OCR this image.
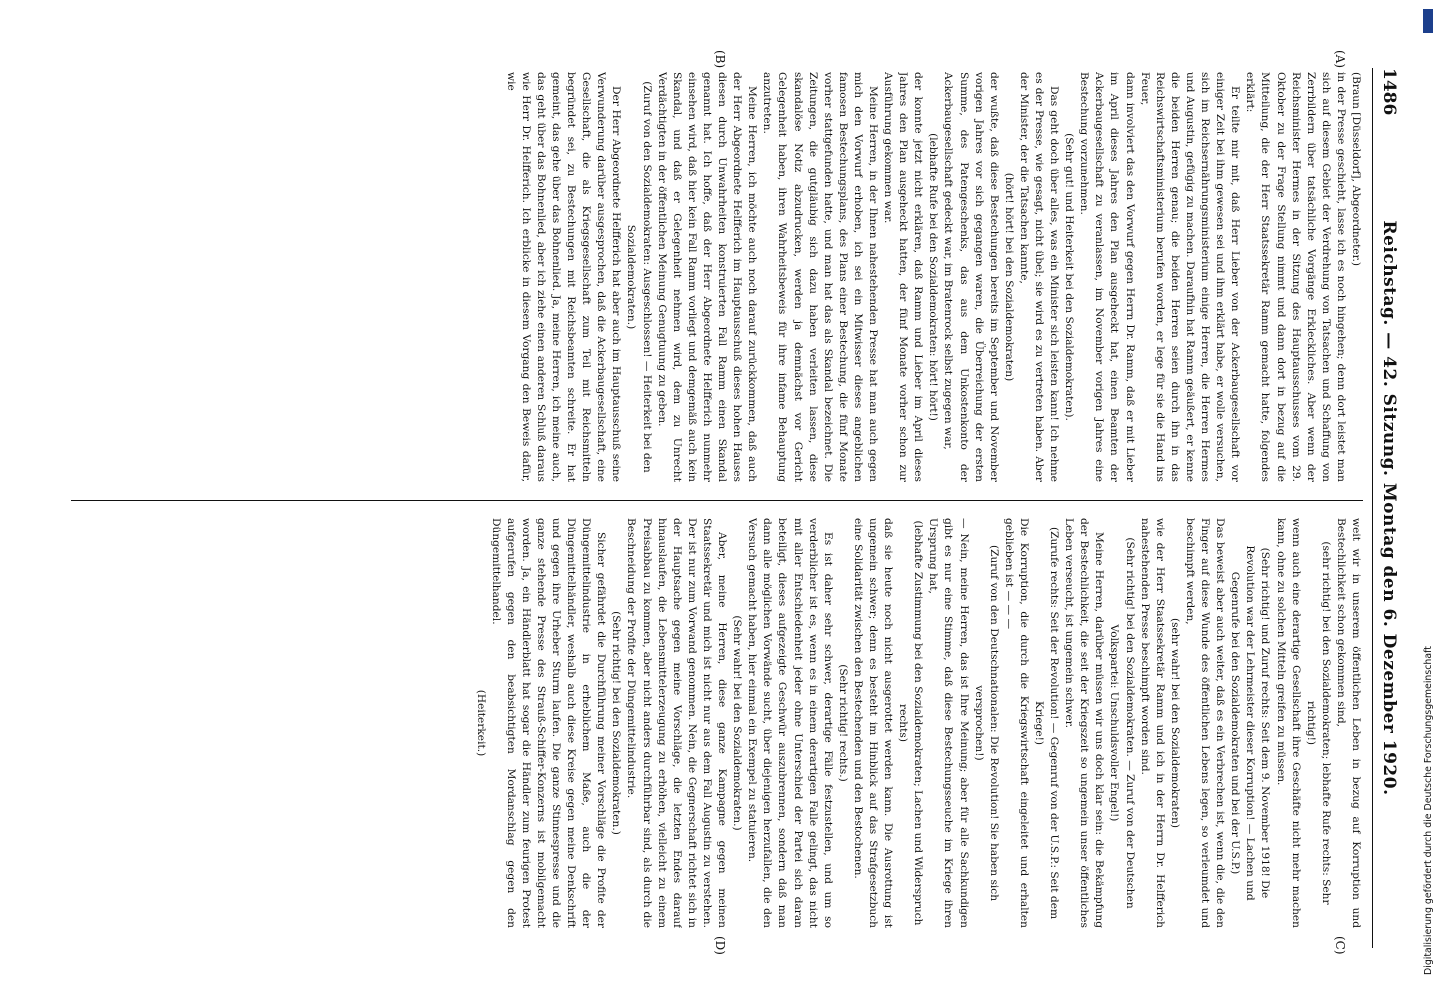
1486
Reichstag. — 42. Sitzung. Montag den 6. Dezember 1920.
(A)
(B)
(C)
(D)

(Braun [Düsseldorf], Abgeordneter.)

in der Presse geschieht, lasse ich es noch hingehen; denn dort leistet man sich auf diesem Gebiet der Verdrehung von Tatsachen und Schaffung von Zerrbildern über tatsächliche Vorgänge Erkleckliches. Aber wenn der Reichsminister Hermes in der Sitzung des Hauptausschusses vom 29. Oktober zu der Frage Stellung nimmt und dann dort in bezug auf die Mitteilung, die der Herr Staatssekretär Ramm gemacht hatte, folgendes erklärt:

Er teilte mir mit, daß Herr Lieber von der Ackerbaugesellschaft vor einiger Zeit bei ihm gewesen sei und ihm erklärt habe, er wolle versuchen, sich im Reichsernährungsministerium einige Herren, die Herren Hermes und Augustin, gefügig zu machen. Daraufhin hat Ramm geäußert, er kenne die beiden Herren genau; die beiden Herren seien durch ihn in das Reichswirtschaftsministerium berufen worden, er lege für sie die Hand ins Feuer,

dann involviert das den Vorwurf gegen Herrn Dr. Ramm, daß er mit Lieber im April dieses Jahres den Plan ausgeheckt hat, einen Beamten der Ackerbaugesellschaft zu veranlassen, im November vorigen Jahres eine Bestechung vorzunehmen.

(Sehr gut! und Heiterkeit bei den Sozialdemokraten).

Das geht doch über alles, was ein Minister sich leisten kann! Ich nehme es der Presse, wie gesagt, nicht übel; sie wird es zu vertreten haben. Aber der Minister, der die Tatsachen kannte,

(hört! hört! bei den Sozialdemokraten)

der wußte, daß diese Bestechungen bereits im September und November vorigen Jahres vor sich gegangen waren, die Überreichung der ersten Summe, des Patengeschenks, das aus dem Unkostenkonto der Ackerbaugesellschaft gedeckt war, im Bratenrock selbst zugegen war,

(lebhafte Rufe bei den Sozialdemokraten: hört! hört!)

der konnte jetzt nicht erklären, daß Ramm und Lieber im April dieses Jahres den Plan ausgeheckt hatten, der fünf Monate vorher schon zur Ausführung gekommen war.

Meine Herren, in der Ihnen nahestehenden Presse hat man auch gegen mich den Vorwurf erhoben, ich sei ein Mitwisser dieses angeblichen famosen Bestechungsplans, des Plans einer Bestechung, die fünf Monate vorher stattgefunden hatte, und man hat das als Skandal bezeichnet. Die Zeitungen, die gutgläubig sich dazu haben verleiten lassen, diese skandalöse Notiz abzudrucken, werden ja demnächst vor Gericht Gelegenheit haben, ihren Wahrheitsbeweis für ihre infame Behauptung anzutreten.

Meine Herren, ich möchte auch noch darauf zurückkommen, daß auch der Herr Abgeordnete Helfferich im Hauptausschuß dieses hohen Hauses diesen durch Unwahrheiten konstruierten Fall Ramm einen Skandal genannt hat. Ich hoffe, daß der Herr Abgeordnete Helfferich nunmehr einsehen wird, daß hier kein Fall Ramm vorliegt und demgemäß auch kein Skandal, und daß er Gelegenheit nehmen wird, dem zu Unrecht Verdächtigten in der öffentlichen Meinung Genugtuung zu geben.

(Zuruf von den Sozialdemokraten: Ausgeschlossen! — Heiterkeit bei den Sozialdemokraten.)

Der Herr Abgeordnete Helfferich hat aber auch im Hauptausschuß seine Verwunderung darüber ausgesprochen, daß die Ackerbaugesellschaft, eine Gesellschaft, die als Kriegsgesellschaft zum Teil mit Reichsmitteln begründet sei, zu Bestechungen mit Reichsbeamten schreite. Er hat gemeint, das gehe über das Bohnenlied. Ja, meine Herren, ich meine auch, das geht über das Bohnenlied, aber ich ziehe einen anderen Schluß daraus wie Herr Dr. Helfferich. Ich erblicke in diesem Vorgang den Beweis dafür, wie

weit wir in unserem öffentlichen Leben in bezug auf Korruption und Bestechlichkeit schon gekommen sind,

(sehr richtig! bei den Sozialdemokraten; lebhafte Rufe rechts: Sehr richtig!)

wenn auch eine derartige Gesellschaft ihre Geschäfte nicht mehr machen kann, ohne zu solchen Mitteln greifen zu müssen.

(Sehr richtig! und Zuruf rechts: Seit dem 9. November 1918! Die Revolution war der Lehrmeister dieser Korruption! — Lachen und Gegenrufe bei den Sozialdemokraten und bei der U.S.P.)

Das beweist aber auch weiter, daß es ein Verbrechen ist, wenn die, die den Finger auf diese Wunde des öffentlichen Lebens legen, so verleumdet und beschimpft werden,

(sehr wahr! bei den Sozialdemokraten)

wie der Herr Staatssekretär Ramm und ich in der Herrn Dr. Helfferich nahestehenden Presse beschimpft worden sind.

(Sehr richtig! bei den Sozialdemokraten. — Zuruf von der Deutschen Volkspartei: Unschuldsvoller Engel!)

Meine Herren, darüber müssen wir uns doch klar sein: die Bekämpfung der Bestechlichkeit, die seit der Kriegszeit so ungemein unser öffentliches Leben verseucht, ist ungemein schwer.

(Zurufe rechts: Seit der Revolution! — Gegenruf von der U.S.P.: Seit dem Kriege!)

Die Korruption, die durch die Kriegswirtschaft eingeleitet und erhalten geblieben ist — — —

(Zuruf von den Deutschnationalen: Die Revolution! Sie haben sich versprochen!)

— Nein, meine Herren, das ist Ihre Meinung; aber für alle Sachkundigen gibt es nur eine Stimme, daß diese Bestechungsseuche im Kriege ihren Ursprung hat,

(lebhafte Zustimmung bei den Sozialdemokraten; Lachen und Widerspruch rechts)

daß sie heute noch nicht ausgerottet werden kann. Die Ausrottung ist ungemein schwer; denn es besteht im Hinblick auf das Strafgesetzbuch eine Solidarität zwischen den Bestechenden und den Bestochenen.

(Sehr richtig! rechts.)

Es ist daher sehr schwer, derartige Fälle festzustellen, und um so verderblicher ist es, wenn es in einem derartigen Falle gelingt, das nicht mit aller Entschiedenheit jeder ohne Unterschied der Partei sich daran beteiligt, dieses aufgezeigte Geschwür auszubrennen, sondern daß man dann alle möglichen Vorwände sucht, über diejenigen herzufallen, die den Versuch gemacht haben, hier einmal ein Exempel zu statuieren.

(Sehr wahr! bei den Sozialdemokraten.)

Aber, meine Herren, diese ganze Kampagne gegen meinen Staatssekretär und mich ist nicht nur aus dem Fall Augustin zu verstehen. Der ist nur zum Vorwand genommen. Nein, die Gegnerschaft richtet sich in der Hauptsache gegen meine Vorschläge, die letzten Endes darauf hinauslaufen, die Lebensmittelerzeugung zu erhöhen, vielleicht zu einem Preisabbau zu kommen, aber nicht anders durchführbar sind, als durch die Beschneidung der Profite der Düngemittelindustrie.

(Sehr richtig! bei den Sozialdemokraten.)

Sicher gefährdet die Durchführung meiner Vorschläge die Profite der Düngemittelindustrie in erheblichem Maße, auch die der Düngemittelhändler, weshalb auch diese Kreise gegen meine Denkschrift und gegen ihre Urheber Sturm laufen. Die ganze Stinnespresse und die ganze stehende Presse des Strauß-Schiffer-Konzerns ist mobilgemacht worden. Ja, ein Händlerblatt hat sogar die Händler zum feurigen Protest aufgerufen gegen den beabsichtigten Mordanschlag gegen den Düngemittelhandel.

(Heiterkeit.)	Digitalisierung gefördert durch die Deutsche Forschungsgemeinschaft
